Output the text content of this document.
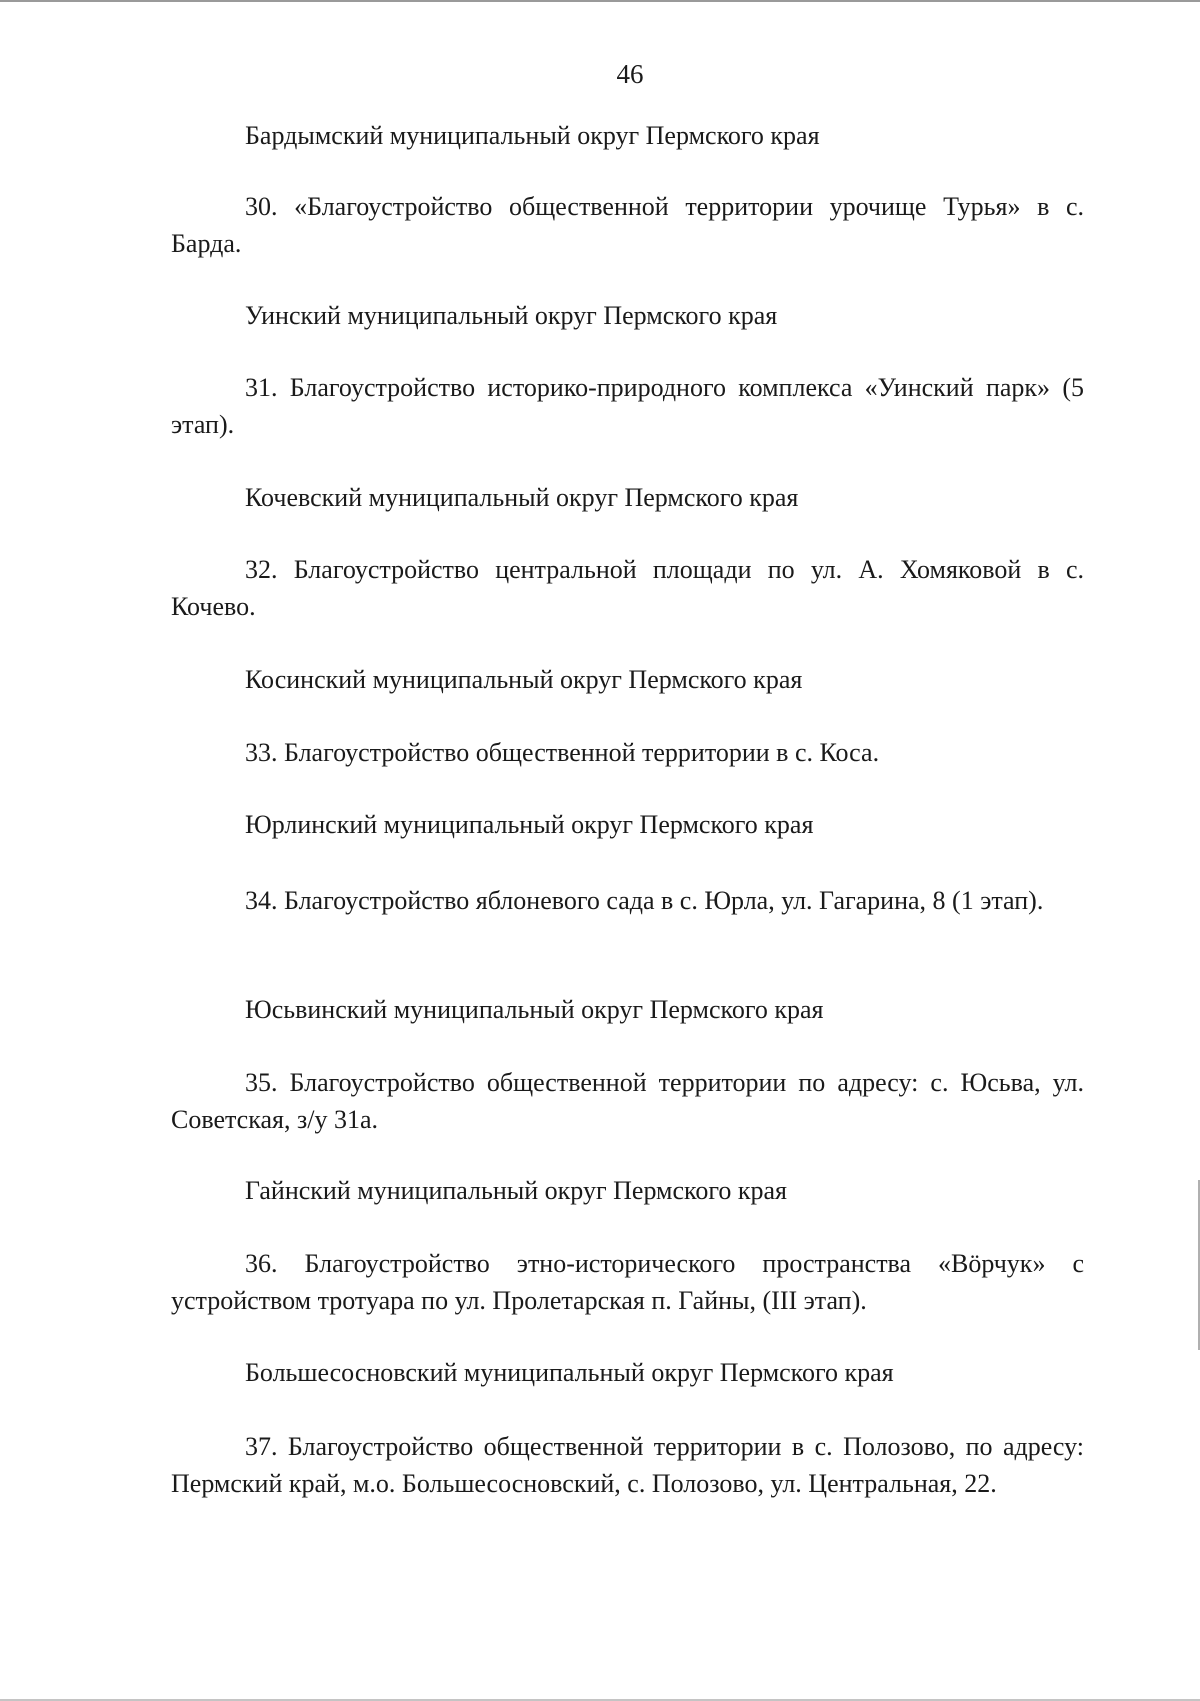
46
Бардымский муниципальный округ Пермского края
30. «Благоустройство общественной территории урочище Турья» в с. Барда.
Уинский муниципальный округ Пермского края
31. Благоустройство историко-природного комплекса «Уинский парк» (5 этап).
Кочевский муниципальный округ Пермского края
32. Благоустройство центральной площади по ул. А. Хомяковой в с. Кочево.
Косинский муниципальный округ Пермского края
33. Благоустройство общественной территории в с. Коса.
Юрлинский муниципальный округ Пермского края
34. Благоустройство яблоневого сада в с. Юрла, ул. Гагарина, 8 (1 этап).
Юсьвинский муниципальный округ Пермского края
35. Благоустройство общественной территории по адресу: с. Юсьва, ул. Советская, з/у 31а.
Гайнский муниципальный округ Пермского края
36. Благоустройство этно-исторического пространства «Вӧрчук» с устройством тротуара по ул. Пролетарская п. Гайны, (III этап).
Большесосновский муниципальный округ Пермского края
37. Благоустройство общественной территории в с. Полозово, по адресу: Пермский край, м.о. Большесосновский, с. Полозово, ул. Центральная, 22.
